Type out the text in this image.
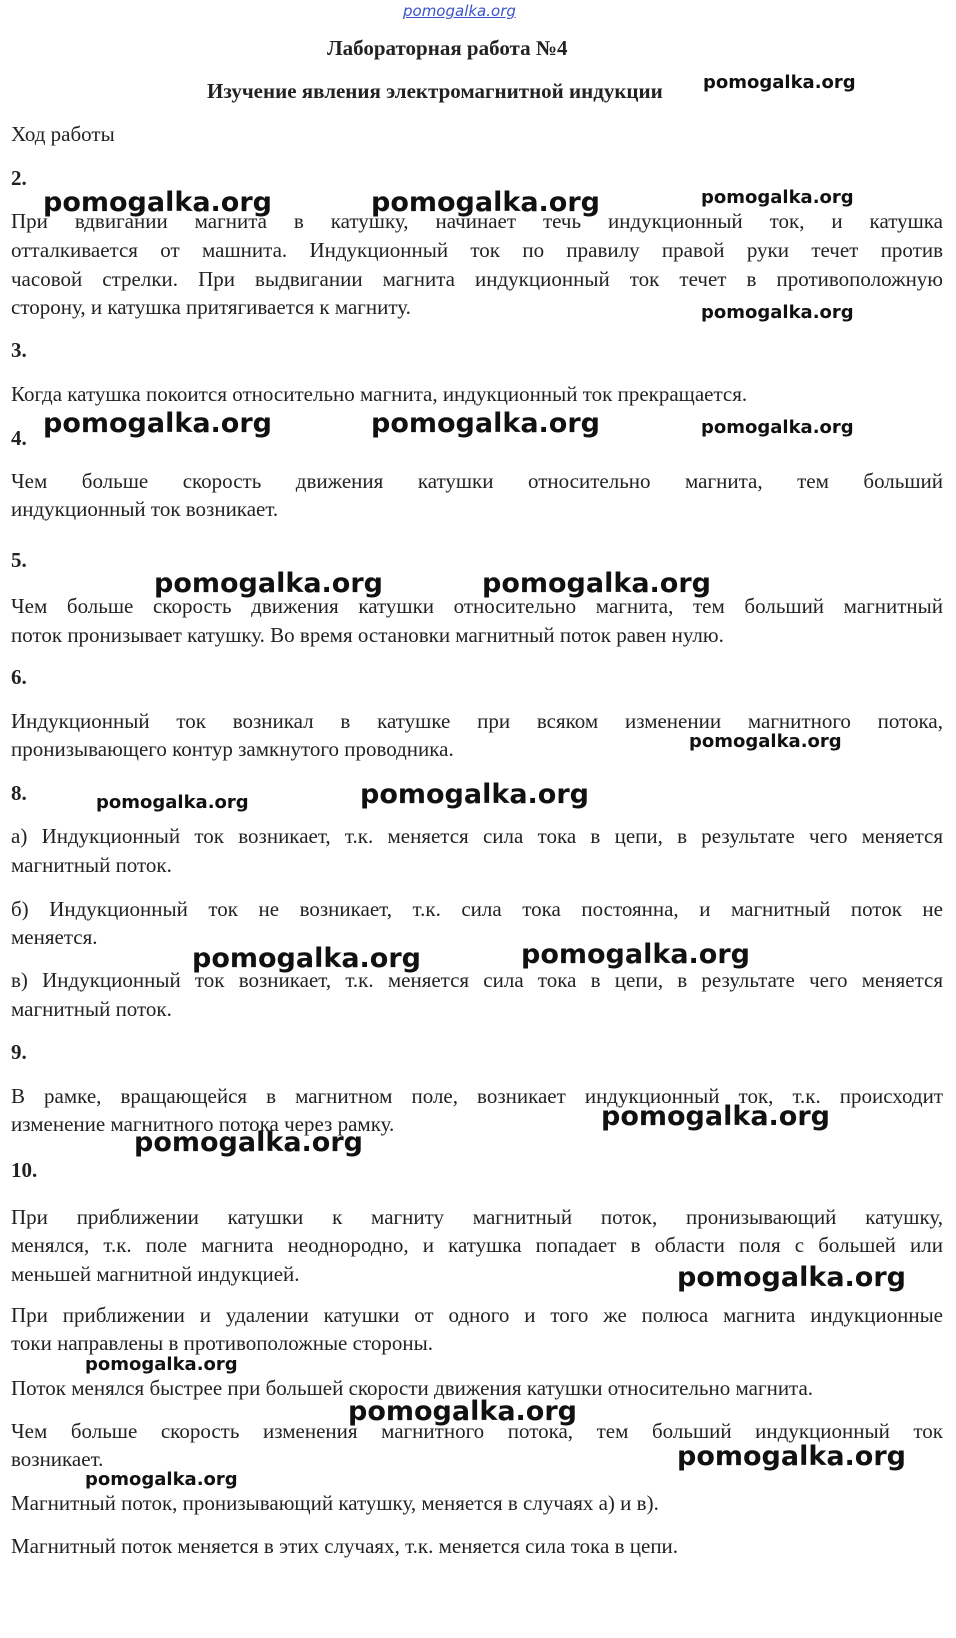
pomogalka.org
Лабораторная работа №4
Изучение явления электромагнитной индукции
Ход работы
2.
При вдвигании магнита в катушку, начинает течь индукционный ток, и катушка
отталкивается от машнита. Индукционный ток по правилу правой руки течет против
часовой стрелки. При выдвигании магнита индукционный ток течет в противоположную
сторону, и катушка притягивается к магниту.
3.
Когда катушка покоится относительно магнита, индукционный ток прекращается.
4.
Чем больше скорость движения катушки относительно магнита, тем больший
индукционный ток возникает.
5.
Чем больше скорость движения катушки относительно магнита, тем больший магнитный
поток пронизывает катушку. Во время остановки магнитный поток равен нулю.
6.
Индукционный ток возникал в катушке при всяком изменении магнитного потока,
пронизывающего контур замкнутого проводника.
8.
а) Индукционный ток возникает, т.к. меняется сила тока в цепи, в результате чего меняется
магнитный поток.
б) Индукционный ток не возникает, т.к. сила тока постоянна, и магнитный поток не
меняется.
в) Индукционный ток возникает, т.к. меняется сила тока в цепи, в результате чего меняется
магнитный поток.
9.
В рамке, вращающейся в магнитном поле, возникает индукционный ток, т.к. происходит
изменение магнитного потока через рамку.
10.
При приближении катушки к магниту магнитный поток, пронизывающий катушку,
менялся, т.к. поле магнита неоднородно, и катушка попадает в области поля с большей или
меньшей магнитной индукцией.
При приближении и удалении катушки от одного и того же полюса магнита индукционные
токи направлены в противоположные стороны.
Поток менялся быстрее при большей скорости движения катушки относительно магнита.
Чем больше скорость изменения магнитного потока, тем больший индукционный ток
возникает.
Магнитный поток, пронизывающий катушку, меняется в случаях а) и в).
Магнитный поток меняется в этих случаях, т.к. меняется сила тока в цепи.
pomogalka.org
pomogalka.org	pomogalka.org	pomogalka.org
pomogalka.org
pomogalka.org	pomogalka.org	pomogalka.org
pomogalka.org	pomogalka.org
pomogalka.org
pomogalka.org	pomogalka.org
pomogalka.org	pomogalka.org
pomogalka.org
pomogalka.org
pomogalka.org
pomogalka.org
pomogalka.org
pomogalka.org
pomogalka.org
